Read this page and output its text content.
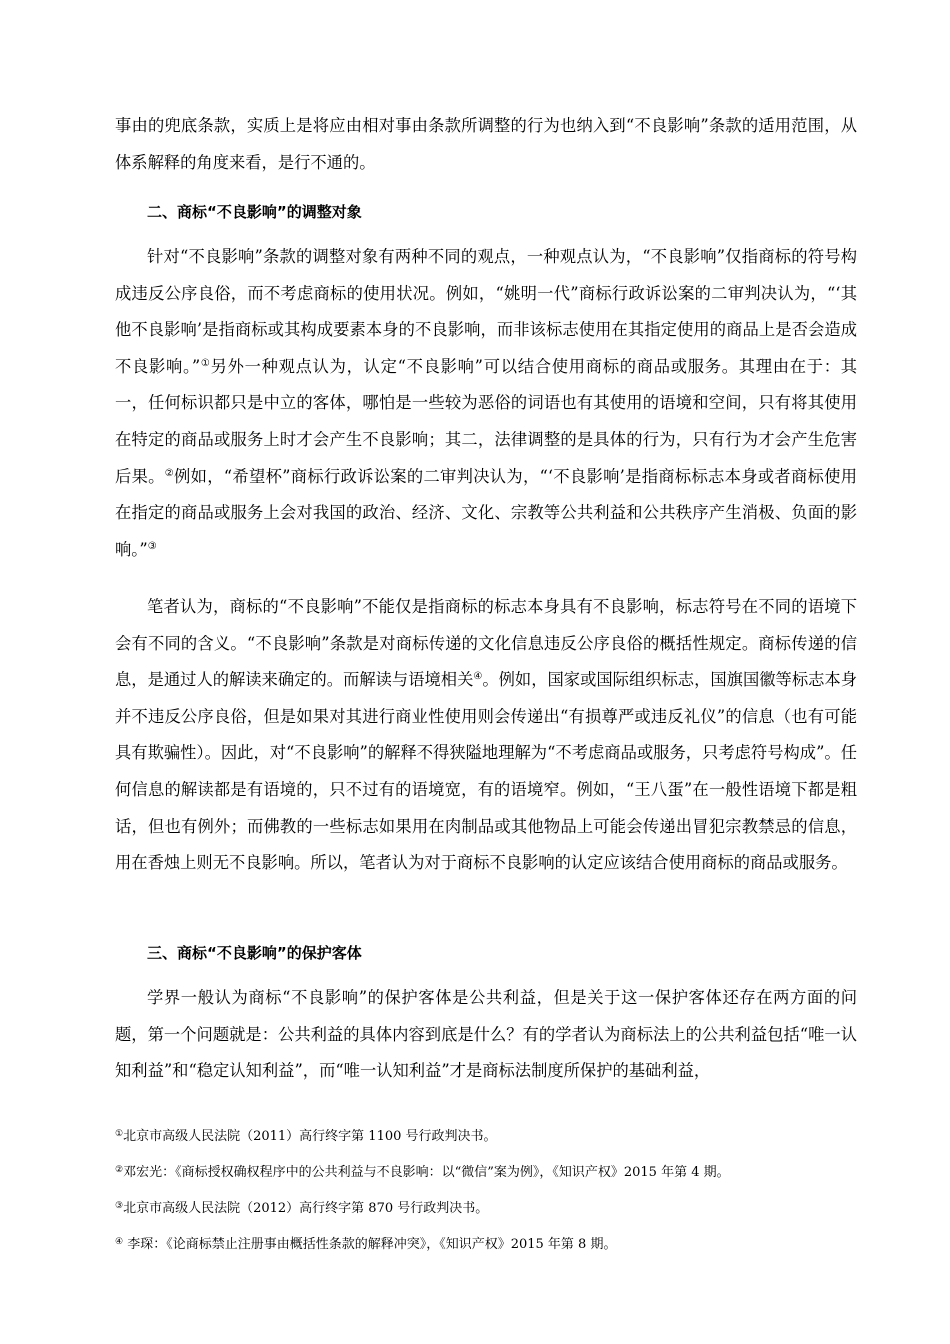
事由的兜底条款，实质上是将应由相对事由条款所调整的行为也纳入到“不良影响”条款的适用范围，从体系解释的角度来看，是行不通的。

二、商标“不良影响”的调整对象

针对“不良影响”条款的调整对象有两种不同的观点，一种观点认为，“不良影响”仅指商标的符号构成违反公序良俗，而不考虑商标的使用状况。例如，“姚明一代”商标行政诉讼案的二审判决认为，“‘其他不良影响’是指商标或其构成要素本身的不良影响，而非该标志使用在其指定使用的商品上是否会造成不良影响。”①另外一种观点认为，认定“不良影响”可以结合使用商标的商品或服务。其理由在于：其一，任何标识都只是中立的客体，哪怕是一些较为恶俗的词语也有其使用的语境和空间，只有将其使用在特定的商品或服务上时才会产生不良影响；其二，法律调整的是具体的行为，只有行为才会产生危害后果。②例如，“希望杯”商标行政诉讼案的二审判决认为，“‘不良影响’是指商标标志本身或者商标使用在指定的商品或服务上会对我国的政治、经济、文化、宗教等公共利益和公共秩序产生消极、负面的影响。”③

笔者认为，商标的“不良影响”不能仅是指商标的标志本身具有不良影响，标志符号在不同的语境下会有不同的含义。“不良影响”条款是对商标传递的文化信息违反公序良俗的概括性规定。商标传递的信息，是通过人的解读来确定的。而解读与语境相关④。例如，国家或国际组织标志，国旗国徽等标志本身并不违反公序良俗，但是如果对其进行商业性使用则会传递出“有损尊严或违反礼仪”的信息（也有可能具有欺骗性）。因此，对“不良影响”的解释不得狭隘地理解为“不考虑商品或服务，只考虑符号构成”。任何信息的解读都是有语境的，只不过有的语境宽，有的语境窄。例如，“王八蛋”在一般性语境下都是粗话，但也有例外；而佛教的一些标志如果用在肉制品或其他物品上可能会传递出冒犯宗教禁忌的信息，用在香烛上则无不良影响。所以，笔者认为对于商标不良影响的认定应该结合使用商标的商品或服务。

三、商标“不良影响”的保护客体

学界一般认为商标“不良影响”的保护客体是公共利益，但是关于这一保护客体还存在两方面的问题，第一个问题就是：公共利益的具体内容到底是什么？有的学者认为商标法上的公共利益包括“唯一认知利益”和“稳定认知利益”，而“唯一认知利益”才是商标法制度所保护的基础利益，

①北京市高级人民法院（2011）高行终字第 1100 号行政判决书。
②邓宏光：《商标授权确权程序中的公共利益与不良影响：以“微信”案为例》，《知识产权》2015 年第 4 期。
③北京市高级人民法院（2012）高行终字第 870 号行政判决书。
④ 李琛：《论商标禁止注册事由概括性条款的解释冲突》，《知识产权》2015 年第 8 期。
